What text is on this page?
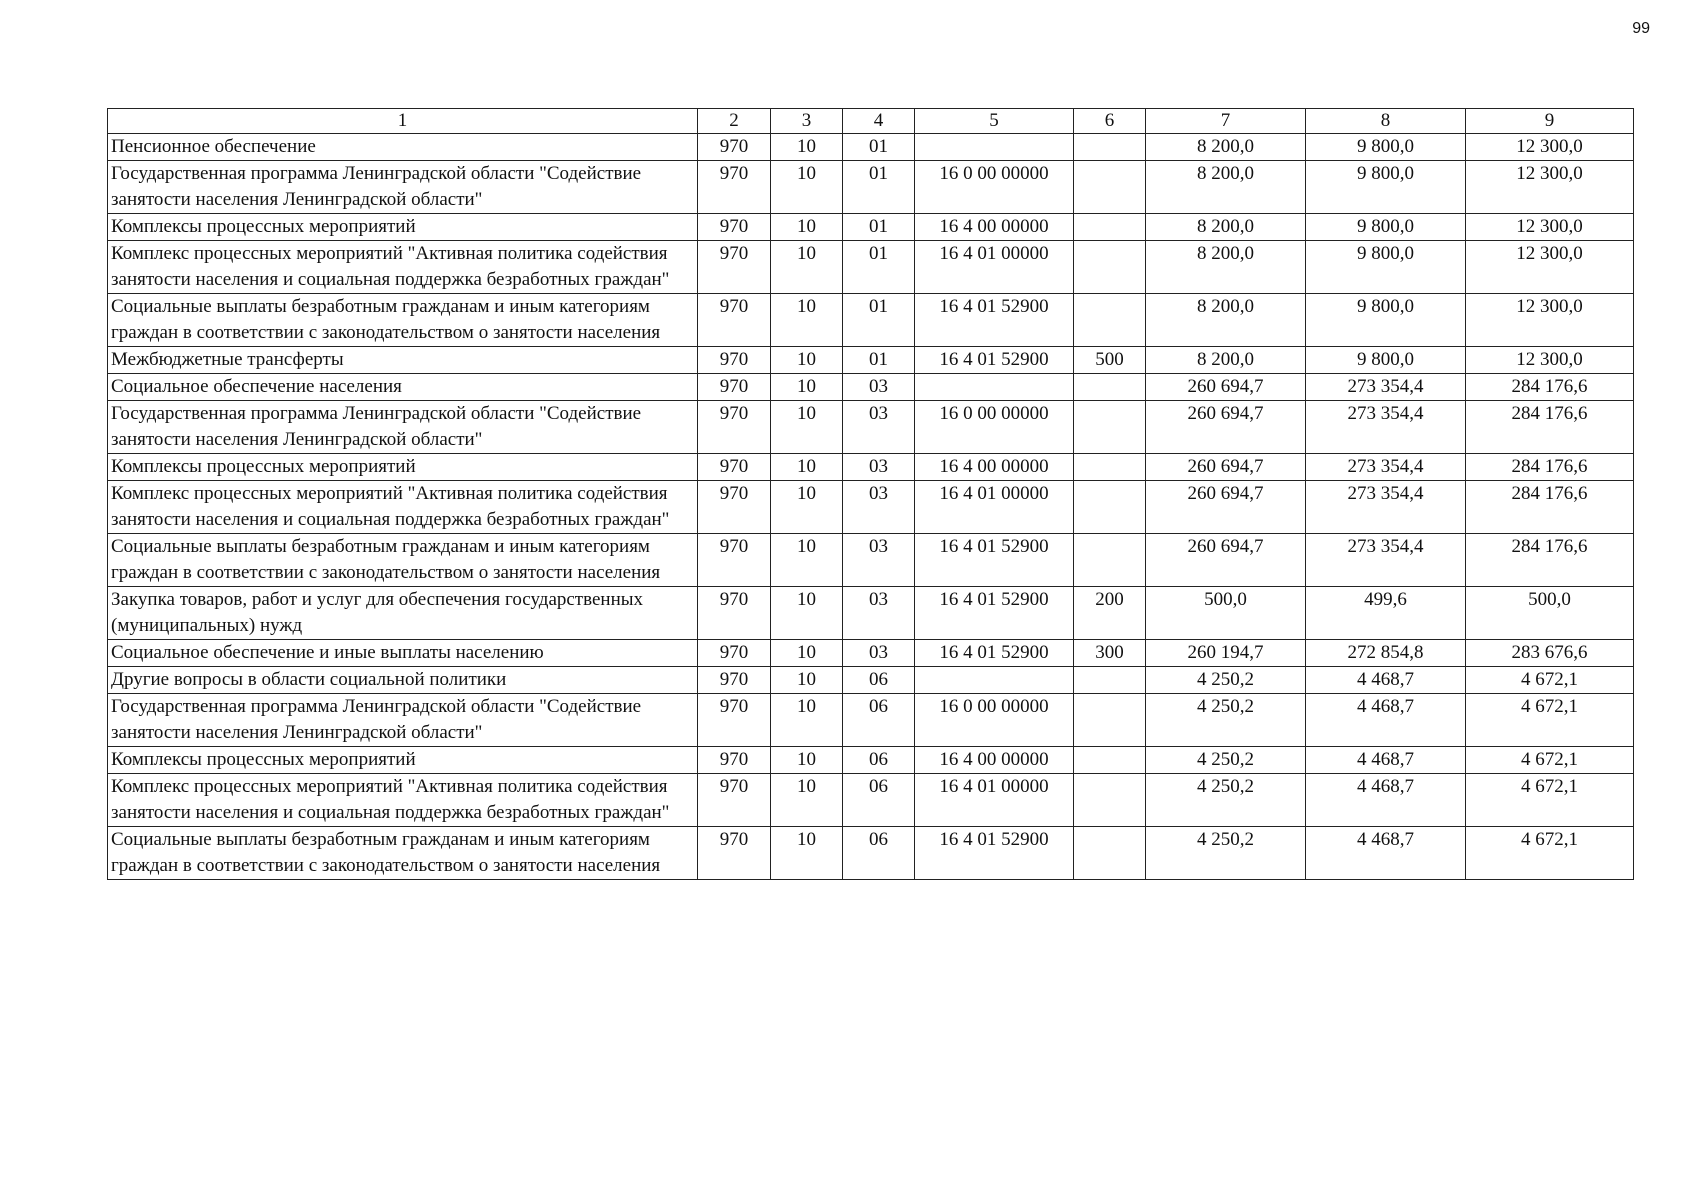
99
1	2	3	4	5	6	7	8	9
Пенсионное обеспечение	970	10	01			8 200,0	9 800,0	12 300,0
Государственная программа Ленинградской области "Содействие занятости населения Ленинградской области"	970	10	01	16 0 00 00000		8 200,0	9 800,0	12 300,0
Комплексы процессных мероприятий	970	10	01	16 4 00 00000		8 200,0	9 800,0	12 300,0
Комплекс процессных мероприятий "Активная политика содействия занятости населения и социальная поддержка безработных граждан"	970	10	01	16 4 01 00000		8 200,0	9 800,0	12 300,0
Социальные выплаты безработным гражданам и иным категориям граждан в соответствии с законодательством о занятости населения	970	10	01	16 4 01 52900		8 200,0	9 800,0	12 300,0
Межбюджетные трансферты	970	10	01	16 4 01 52900	500	8 200,0	9 800,0	12 300,0
Социальное обеспечение населения	970	10	03			260 694,7	273 354,4	284 176,6
Государственная программа Ленинградской области "Содействие занятости населения Ленинградской области"	970	10	03	16 0 00 00000		260 694,7	273 354,4	284 176,6
Комплексы процессных мероприятий	970	10	03	16 4 00 00000		260 694,7	273 354,4	284 176,6
Комплекс процессных мероприятий "Активная политика содействия занятости населения и социальная поддержка безработных граждан"	970	10	03	16 4 01 00000		260 694,7	273 354,4	284 176,6
Социальные выплаты безработным гражданам и иным категориям граждан в соответствии с законодательством о занятости населения	970	10	03	16 4 01 52900		260 694,7	273 354,4	284 176,6
Закупка товаров, работ и услуг для обеспечения государственных (муниципальных) нужд	970	10	03	16 4 01 52900	200	500,0	499,6	500,0
Социальное обеспечение и иные выплаты населению	970	10	03	16 4 01 52900	300	260 194,7	272 854,8	283 676,6
Другие вопросы в области социальной политики	970	10	06			4 250,2	4 468,7	4 672,1
Государственная программа Ленинградской области "Содействие занятости населения Ленинградской области"	970	10	06	16 0 00 00000		4 250,2	4 468,7	4 672,1
Комплексы процессных мероприятий	970	10	06	16 4 00 00000		4 250,2	4 468,7	4 672,1
Комплекс процессных мероприятий "Активная политика содействия занятости населения и социальная поддержка безработных граждан"	970	10	06	16 4 01 00000		4 250,2	4 468,7	4 672,1
Социальные выплаты безработным гражданам и иным категориям граждан в соответствии с законодательством о занятости населения	970	10	06	16 4 01 52900		4 250,2	4 468,7	4 672,1
